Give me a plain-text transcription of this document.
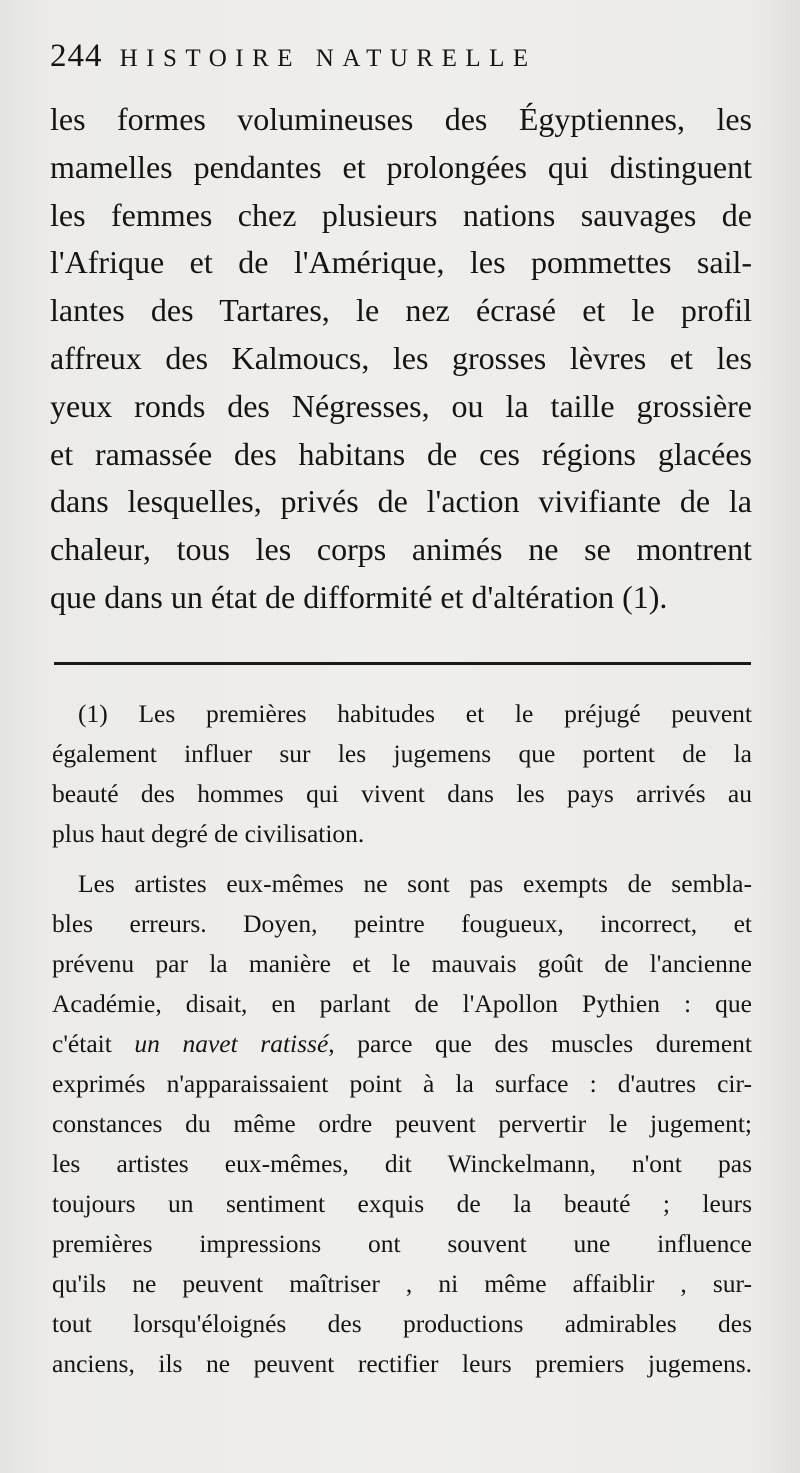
244 HISTOIRE NATURELLE
les formes volumineuses des Égyptiennes, les
mamelles pendantes et prolongées qui distinguent
les femmes chez plusieurs nations sauvages de
l'Afrique et de l'Amérique, les pommettes sail-
lantes des Tartares, le nez écrasé et le profil
affreux des Kalmoucs, les grosses lèvres et les
yeux ronds des Négresses, ou la taille grossière
et ramassée des habitans de ces régions glacées
dans lesquelles, privés de l'action vivifiante de la
chaleur, tous les corps animés ne se montrent
que dans un état de difformité et d'altération (1).
(1) Les premières habitudes et le préjugé peuvent
également influer sur les jugemens que portent de la
beauté des hommes qui vivent dans les pays arrivés au
plus haut degré de civilisation.
Les artistes eux-mêmes ne sont pas exempts de sembla-
bles erreurs. Doyen, peintre fougueux, incorrect, et
prévenu par la manière et le mauvais goût de l'ancienne
Académie, disait, en parlant de l'Apollon Pythien : que
c'était un navet ratissé, parce que des muscles durement
exprimés n'apparaissaient point à la surface : d'autres cir-
constances du même ordre peuvent pervertir le jugement;
les artistes eux-mêmes, dit Winckelmann, n'ont pas
toujours un sentiment exquis de la beauté ; leurs
premières impressions ont souvent une influence
qu'ils ne peuvent maîtriser , ni même affaiblir , sur-
tout lorsqu'éloignés des productions admirables des
anciens, ils ne peuvent rectifier leurs premiers jugemens.
